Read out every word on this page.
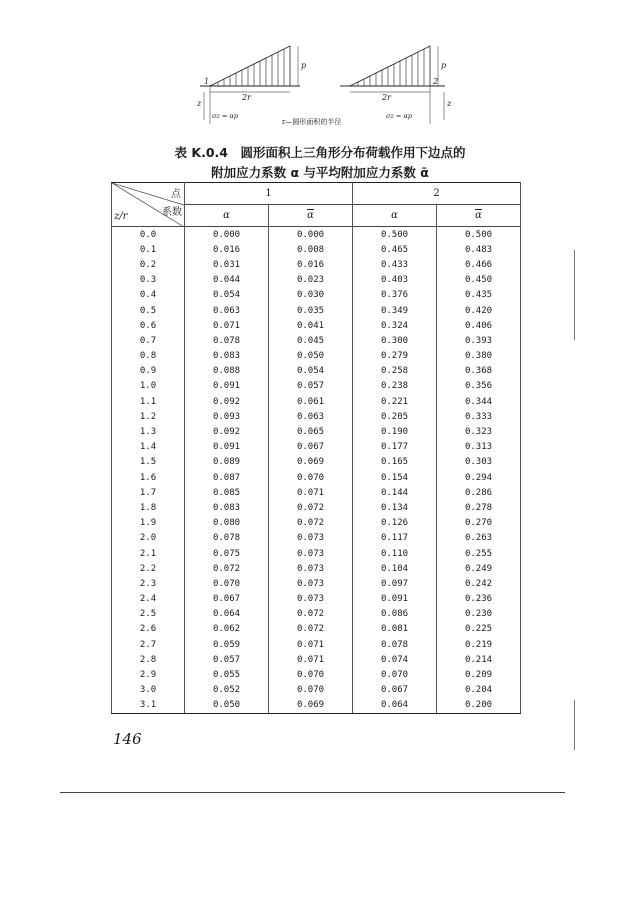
1
2r
p
z
σz = αp
2
2r
p
z
σz = αp
r—圆形面积的半径
表 K.0.4　圆形面积上三角形分布荷载作用下边点的
附加应力系数 α 与平均附加应力系数 ᾱ
点
系数
z/r	1		2	
	α	$\overline{\alpha}$	α	$\overline{\alpha}$
0.0	0.000	0.000	0.500	0.500
0.1	0.016	0.008	0.465	0.483
0.2	0.031	0.016	0.433	0.466
0.3	0.044	0.023	0.403	0.450
0.4	0.054	0.030	0.376	0.435
0.5	0.063	0.035	0.349	0.420
0.6	0.071	0.041	0.324	0.406
0.7	0.078	0.045	0.300	0.393
0.8	0.083	0.050	0.279	0.380
0.9	0.088	0.054	0.258	0.368
1.0	0.091	0.057	0.238	0.356
1.1	0.092	0.061	0.221	0.344
1.2	0.093	0.063	0.205	0.333
1.3	0.092	0.065	0.190	0.323
1.4	0.091	0.067	0.177	0.313
1.5	0.089	0.069	0.165	0.303
1.6	0.087	0.070	0.154	0.294
1.7	0.085	0.071	0.144	0.286
1.8	0.083	0.072	0.134	0.278
1.9	0.080	0.072	0.126	0.270
2.0	0.078	0.073	0.117	0.263
2.1	0.075	0.073	0.110	0.255
2.2	0.072	0.073	0.104	0.249
2.3	0.070	0.073	0.097	0.242
2.4	0.067	0.073	0.091	0.236
2.5	0.064	0.072	0.086	0.230
2.6	0.062	0.072	0.081	0.225
2.7	0.059	0.071	0.078	0.219
2.8	0.057	0.071	0.074	0.214
2.9	0.055	0.070	0.070	0.209
3.0	0.052	0.070	0.067	0.204
3.1	0.050	0.069	0.064	0.200
146
